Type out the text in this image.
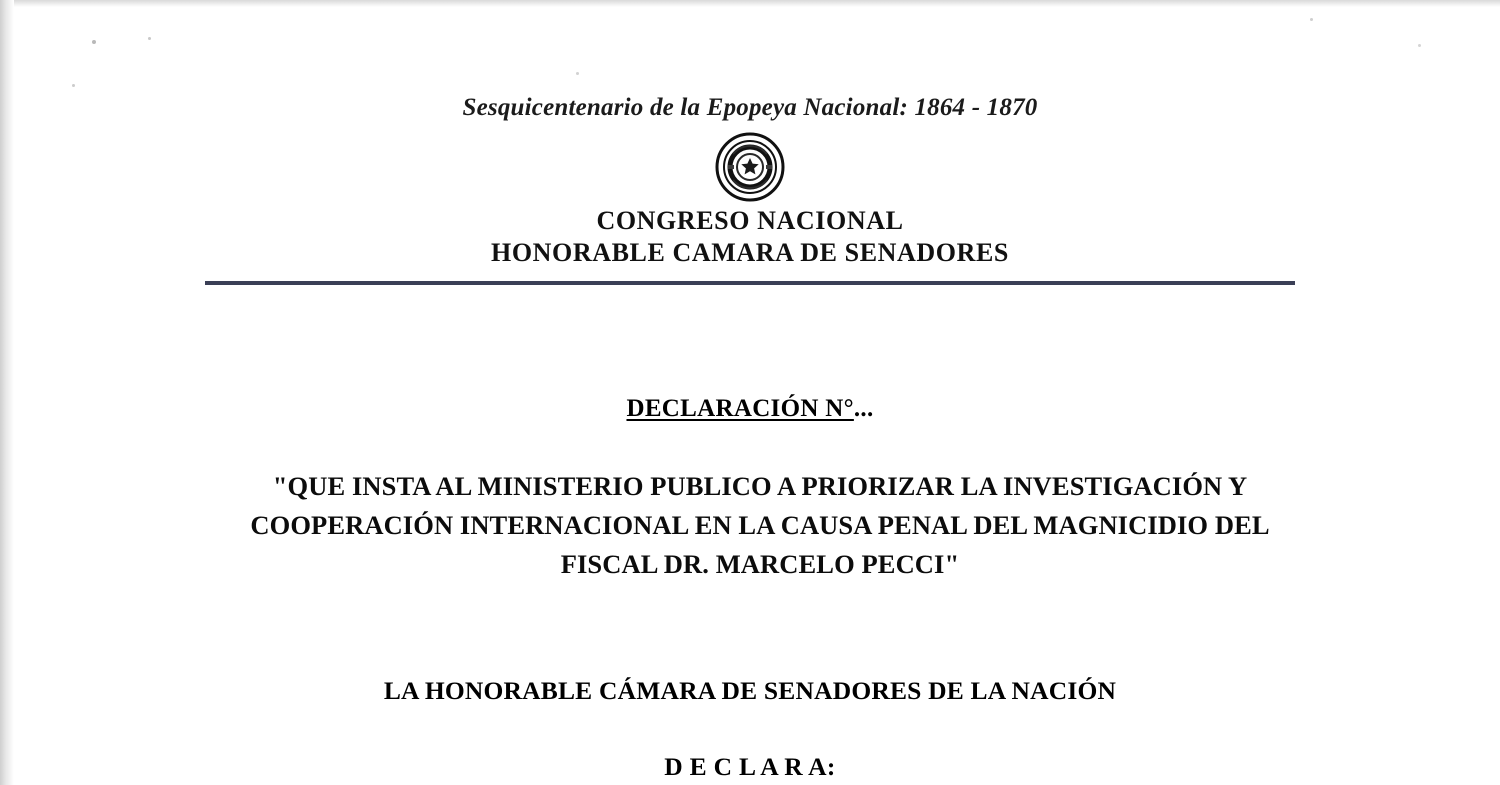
Sesquicentenario de la Epopeya Nacional: 1864 - 1870
CONGRESO NACIONAL
HONORABLE CAMARA DE SENADORES
DECLARACIÓN N°...
"QUE INSTA AL MINISTERIO PUBLICO A PRIORIZAR LA INVESTIGACIÓN Y COOPERACIÓN INTERNACIONAL EN LA CAUSA PENAL DEL MAGNICIDIO DEL FISCAL DR. MARCELO PECCI"
LA HONORABLE CÁMARA DE SENADORES DE LA NACIÓN
D E C L A R A:
